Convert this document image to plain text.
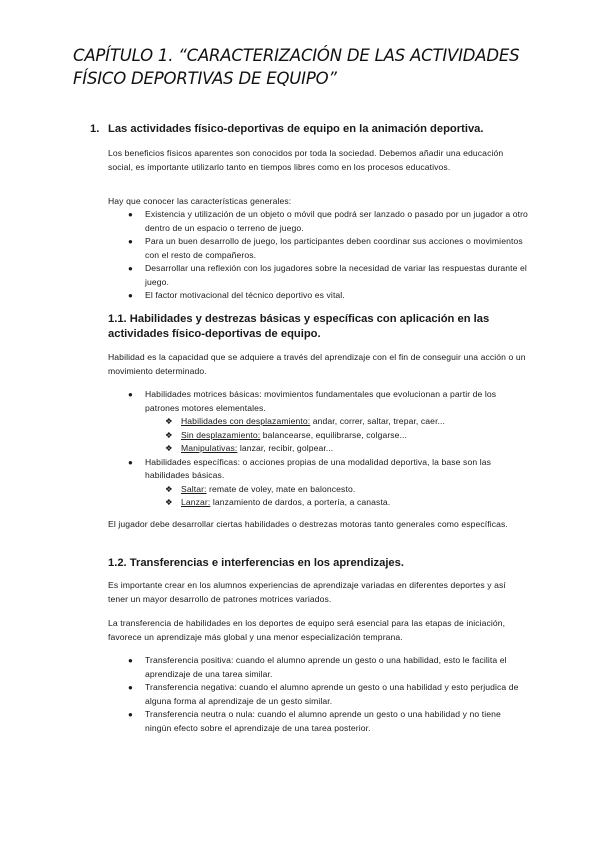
CAPÍTULO 1. “CARACTERIZACIÓN DE LAS ACTIVIDADES FÍSICO DEPORTIVAS DE EQUIPO”
1. Las actividades físico-deportivas de equipo en la animación deportiva.
Los beneficios físicos aparentes son conocidos por toda la sociedad. Debemos añadir una educación social, es importante utilizarlo tanto en tiempos libres como en los procesos educativos.
Hay que conocer las características generales:
● Existencia y utilización de un objeto o móvil que podrá ser lanzado o pasado por un jugador a otro dentro de un espacio o terreno de juego.
● Para un buen desarrollo de juego, los participantes deben coordinar sus acciones o movimientos con el resto de compañeros.
● Desarrollar una reflexión con los jugadores sobre la necesidad de variar las respuestas durante el juego.
● El factor motivacional del técnico deportivo es vital.
1.1. Habilidades y destrezas básicas y específicas con aplicación en las actividades físico-deportivas de equipo.
Habilidad es la capacidad que se adquiere a través del aprendizaje con el fin de conseguir una acción o un movimiento determinado.
● Habilidades motrices básicas: movimientos fundamentales que evolucionan a partir de los patrones motores elementales.
❖ Habilidades con desplazamiento: andar, correr, saltar, trepar, caer...
❖ Sin desplazamiento: balancearse, equilibrarse, colgarse...
❖ Manipulativas: lanzar, recibir, golpear...
● Habilidades específicas: o acciones propias de una modalidad deportiva, la base son las habilidades básicas.
❖ Saltar: remate de voley, mate en baloncesto.
❖ Lanzar: lanzamiento de dardos, a portería, a canasta.
El jugador debe desarrollar ciertas habilidades o destrezas motoras tanto generales como específicas.
1.2. Transferencias e interferencias en los aprendizajes.
Es importante crear en los alumnos experiencias de aprendizaje variadas en diferentes deportes y así tener un mayor desarrollo de patrones motrices variados.
La transferencia de habilidades en los deportes de equipo será esencial para las etapas de iniciación, favorece un aprendizaje más global y una menor especialización temprana.
● Transferencia positiva: cuando el alumno aprende un gesto o una habilidad, esto le facilita el aprendizaje de una tarea similar.
● Transferencia negativa: cuando el alumno aprende un gesto o una habilidad y esto perjudica de alguna forma al aprendizaje de un gesto similar.
● Transferencia neutra o nula: cuando el alumno aprende un gesto o una habilidad y no tiene ningún efecto sobre el aprendizaje de una tarea posterior.
